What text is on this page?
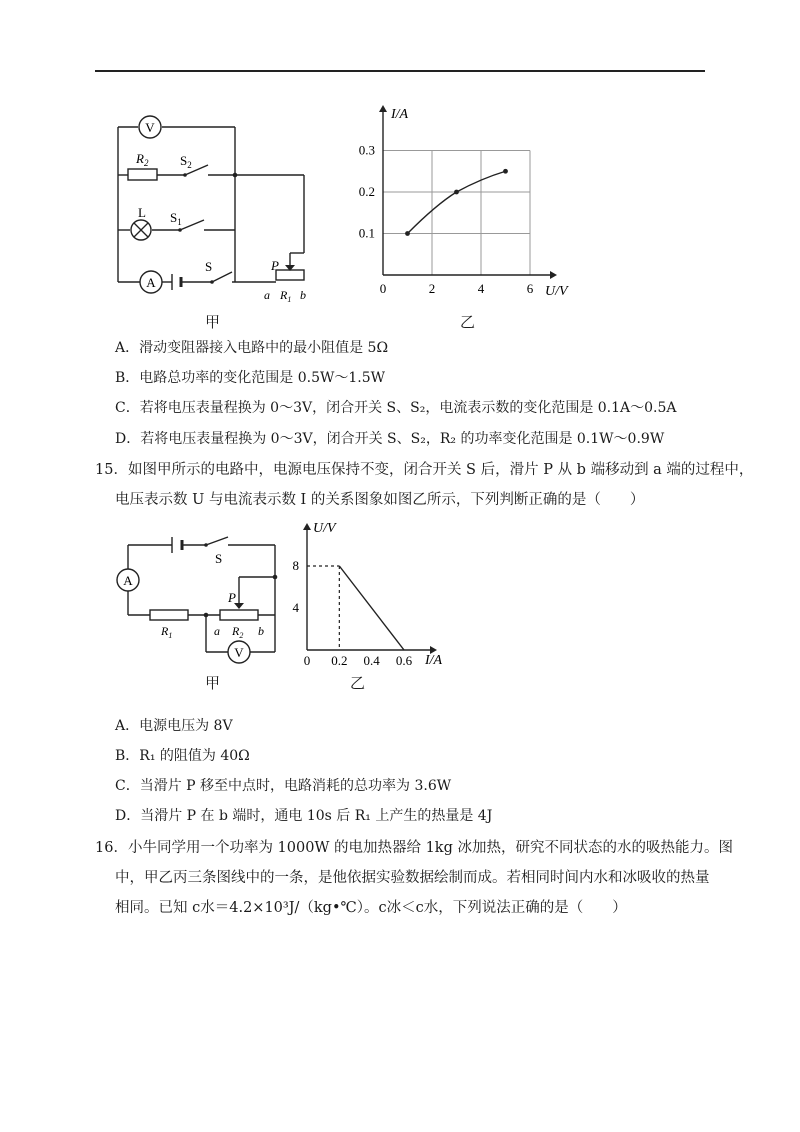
V
A
$R_2$ $S_2$
L $S_1$
S	P
a $R_1$ b
甲
I/A
U/V
0	2	4	6
0.1
0.2
0.3
乙
A．滑动变阻器接入电路中的最小阻值是 5Ω
B．电路总功率的变化范围是 0.5W～1.5W
C．若将电压表量程换为 0～3V，闭合开关 S、S₂，电流表示数的变化范围是 0.1A～0.5A
D．若将电压表量程换为 0～3V，闭合开关 S、S₂，R₂ 的功率变化范围是 0.1W～0.9W
15．如图甲所示的电路中，电源电压保持不变，闭合开关 S 后，滑片 P 从 b 端移动到 a 端的过程中，
电压表示数 U 与电流表示数 I 的关系图象如图乙所示，下列判断正确的是（　　）
A
V
S
P
$R_1$	a $R_2$ b
甲
U/V
I/A
0 0.2 0.4 0.6
4
8
乙
A．电源电压为 8V
B．R₁ 的阻值为 40Ω
C．当滑片 P 移至中点时，电路消耗的总功率为 3.6W
D．当滑片 P 在 b 端时，通电 10s 后 R₁ 上产生的热量是 4J
16．小牛同学用一个功率为 1000W 的电加热器给 1kg 冰加热，研究不同状态的水的吸热能力。图
中，甲乙丙三条图线中的一条，是他依据实验数据绘制而成。若相同时间内水和冰吸收的热量
相同。已知 c水＝4.2×10³J/（kg•℃）。c冰＜c水，下列说法正确的是（　　）
